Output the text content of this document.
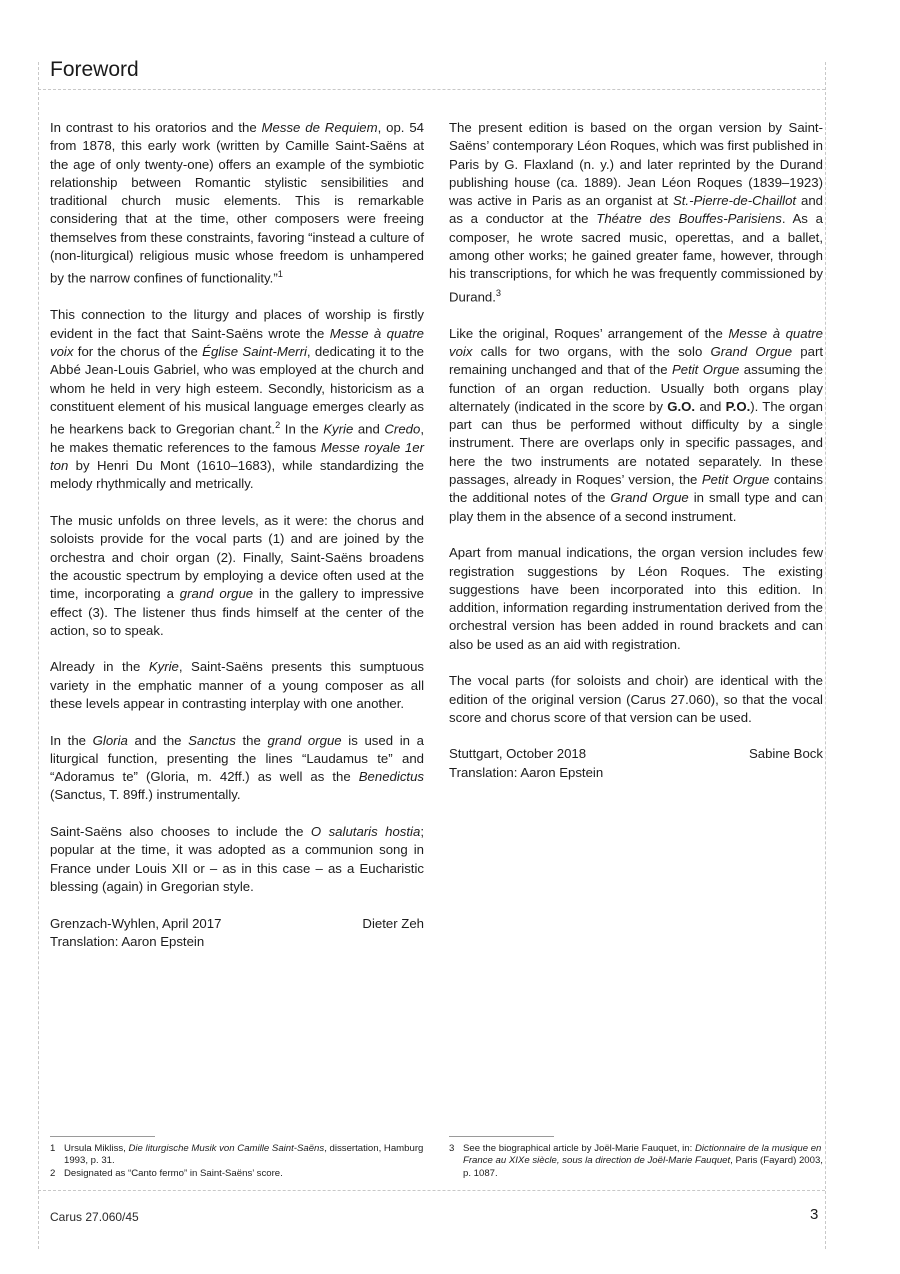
Foreword

In contrast to his oratorios and the Messe de Requiem, op. 54 from 1878, this early work (written by Camille Saint-Saëns at the age of only twenty-one) offers an example of the symbiotic relationship between Romantic stylistic sensibilities and traditional church music elements. This is remarkable considering that at the time, other composers were freeing themselves from these constraints, favoring “instead a culture of (non-liturgical) religious music whose freedom is unhampered by the narrow confines of functionality.”$^1$

This connection to the liturgy and places of worship is firstly evident in the fact that Saint-Saëns wrote the Messe à quatre voix for the chorus of the Église Saint-Merri, dedicating it to the Abbé Jean-Louis Gabriel, who was employed at the church and whom he held in very high esteem. Secondly, historicism as a constituent element of his musical language emerges clearly as he hearkens back to Gregorian chant.$^2$ In the Kyrie and Credo, he makes thematic references to the famous Messe royale 1er ton by Henri Du Mont (1610–1683), while standardizing the melody rhythmically and metrically.

The music unfolds on three levels, as it were: the chorus and soloists provide for the vocal parts (1) and are joined by the orchestra and choir organ (2). Finally, Saint-Saëns broadens the acoustic spectrum by employing a device often used at the time, incorporating a grand orgue in the gallery to impressive effect (3). The listener thus finds himself at the center of the action, so to speak.

Already in the Kyrie, Saint-Saëns presents this sumptuous variety in the emphatic manner of a young composer as all these levels appear in contrasting interplay with one another.

In the Gloria and the Sanctus the grand orgue is used in a liturgical function, presenting the lines “Laudamus te” and “Adoramus te” (Gloria, m. 42ff.) as well as the Benedictus (Sanctus, T. 89ff.) instrumentally.

Saint-Saëns also chooses to include the O salutaris hostia; popular at the time, it was adopted as a communion song in France under Louis XII or – as in this case – as a Eucharistic blessing (again) in Gregorian style.

Grenzach-Wyhlen, April 2017	Dieter Zeh

Translation: Aaron Epstein

The present edition is based on the organ version by Saint-Saëns’ contemporary Léon Roques, which was first published in Paris by G. Flaxland (n. y.) and later reprinted by the Durand publishing house (ca. 1889). Jean Léon Roques (1839–1923) was active in Paris as an organist at St.-Pierre-de-Chaillot and as a conductor at the Théatre des Bouffes-Parisiens. As a composer, he wrote sacred music, operettas, and a ballet, among other works; he gained greater fame, however, through his transcriptions, for which he was frequently commissioned by Durand.$^3$

Like the original, Roques’ arrangement of the Messe à quatre voix calls for two organs, with the solo Grand Orgue part remaining unchanged and that of the Petit Orgue assuming the function of an organ reduction. Usually both organs play alternately (indicated in the score by G.O. and P.O.). The organ part can thus be performed without difficulty by a single instrument. There are overlaps only in specific passages, and here the two instruments are notated separately. In these passages, already in Roques’ version, the Petit Orgue contains the additional notes of the Grand Orgue in small type and can play them in the absence of a second instrument.

Apart from manual indications, the organ version includes few registration suggestions by Léon Roques. The existing suggestions have been incorporated into this edition. In addition, information regarding instrumentation derived from the orchestral version has been added in round brackets and can also be used as an aid with registration.

The vocal parts (for soloists and choir) are identical with the edition of the original version (Carus 27.060), so that the vocal score and chorus score of that version can be used.

Stuttgart, October 2018	Sabine Bock

Translation: Aaron Epstein

1 Ursula Mikliss, Die liturgische Musik von Camille Saint-Saëns, dissertation, Hamburg 1993, p. 31.

2 Designated as “Canto fermo” in Saint-Saëns’ score.

3 See the biographical article by Joël-Marie Fauquet, in: Dictionnaire de la musique en France au XIXe siècle, sous la direction de Joël-Marie Fauquet, Paris (Fayard) 2003, p. 1087.

Carus 27.060/45	3
